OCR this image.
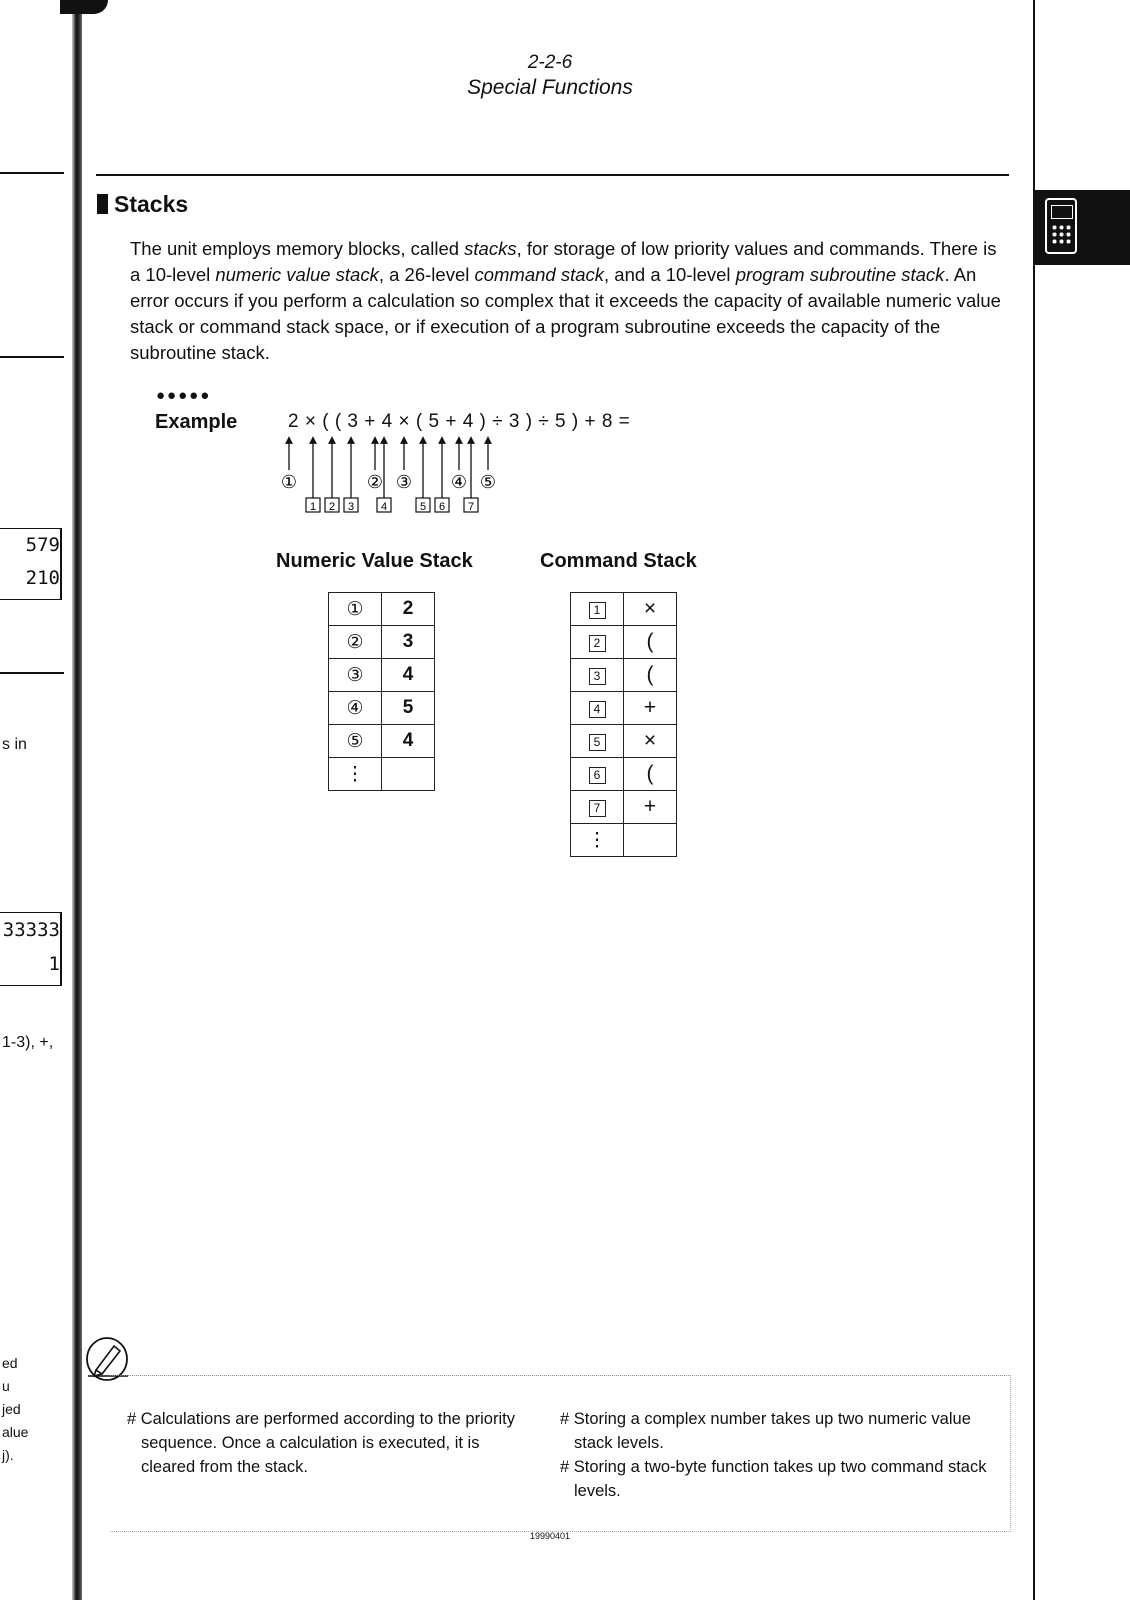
579
210
s in
33333
1
1-3), +,
ed
u
jed
alue
j).
2-2-6
Special Functions
Stacks

The unit employs memory blocks, called stacks, for storage of low priority values and commands. There is a 10-level numeric value stack, a 26-level command stack, and a 10-level program subroutine stack. An error occurs if you perform a calculation so complex that it exceeds the capacity of available numeric value stack or command stack space, or if execution of a program subroutine exceeds the capacity of the subroutine stack.

●●●●●
Example	2 × ( ( 3 + 4 × ( 5 + 4 ) ÷ 3 ) ÷ 5 ) + 8 =
①	② ③ ④ ⑤
1 2 3 4	5 6 7
Numeric Value Stack	Command Stack
①	2
②	3
③	4
④	5
⑤	4
⋮	
1	×
2	(
3	(
4	+
5	×
6	(
7	+
⋮	

# Calculations are performed according to the priority sequence. Once a calculation is executed, it is cleared from the stack.

# Storing a complex number takes up two numeric value stack levels.

# Storing a two-byte function takes up two command stack levels.

19990401
